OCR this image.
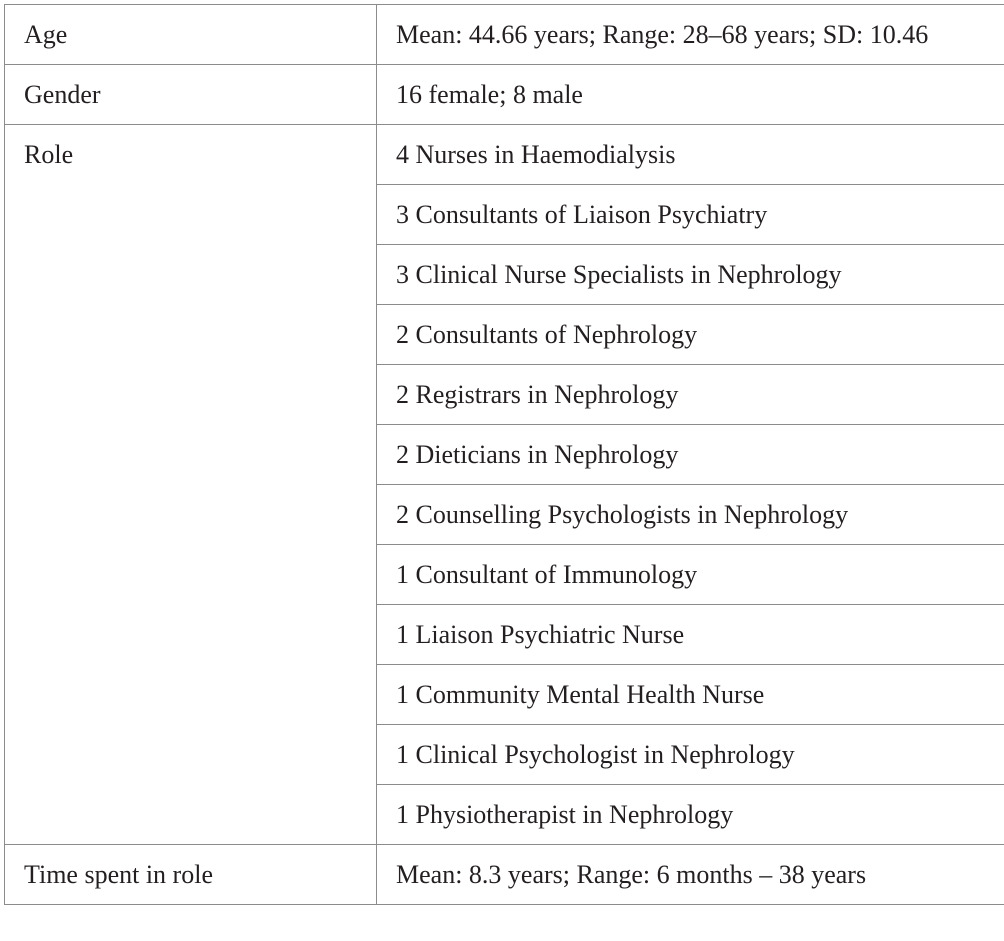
Age	Mean: 44.66 years; Range: 28–68 years; SD: 10.46
Gender	16 female; 8 male
Role	4 Nurses in Haemodialysis
	3 Consultants of Liaison Psychiatry
	3 Clinical Nurse Specialists in Nephrology
	2 Consultants of Nephrology
	2 Registrars in Nephrology
	2 Dieticians in Nephrology
	2 Counselling Psychologists in Nephrology
	1 Consultant of Immunology
	1 Liaison Psychiatric Nurse
	1 Community Mental Health Nurse
	1 Clinical Psychologist in Nephrology
	1 Physiotherapist in Nephrology
Time spent in role	Mean: 8.3 years; Range: 6 months – 38 years
